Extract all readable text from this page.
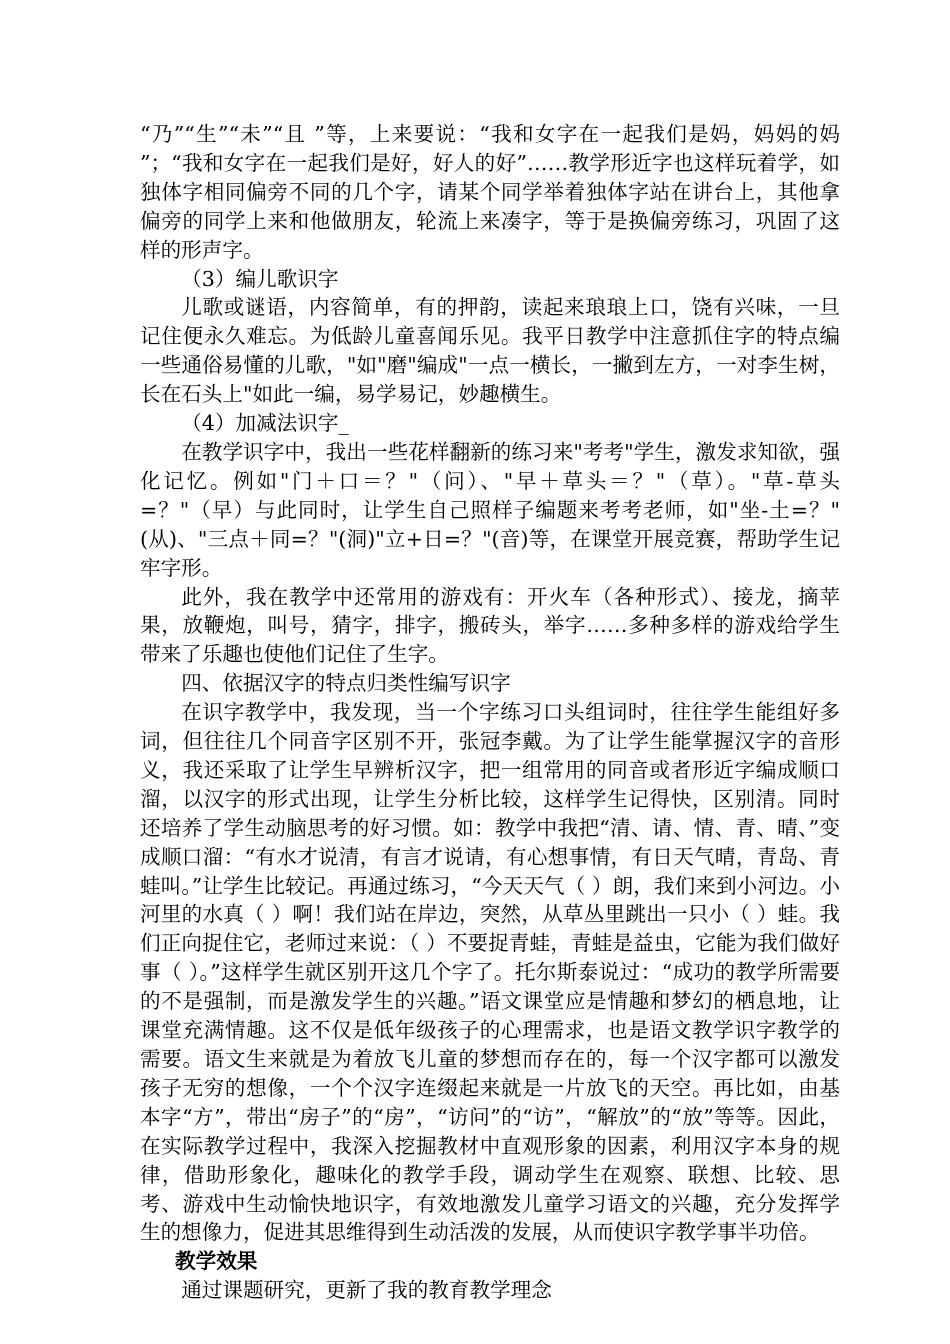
“乃”“生”“未”“且 ”等，上来要说：“我和女字在一起我们是妈，妈妈的妈 ”；“我和女字在一起我们是好，好人的好”……教学形近字也这样玩着学，如独体字相同偏旁不同的几个字，请某个同学举着独体字站在讲台上，其他拿偏旁的同学上来和他做朋友，轮流上来凑字，等于是换偏旁练习，巩固了这样的形声字。

（3）编儿歌识字

儿歌或谜语，内容简单，有的押韵，读起来琅琅上口，饶有兴味，一旦记住便永久难忘。为低龄儿童喜闻乐见。我平日教学中注意抓住字的特点编一些通俗易懂的儿歌，"如"磨"编成"一点一横长，一撇到左方，一对李生树，长在石头上"如此一编，易学易记，妙趣横生。

（4）加减法识字_

在教学识字中，我出一些花样翻新的练习来"考考"学生，激发求知欲，强化记忆。例如"门＋口＝？"（问）、"早＋草头＝？"（草）。"草-草头=？"（早）与此同时，让学生自己照样子编题来考考老师，如"坐-土=？"(从)、"三点＋同=？"(洞)"立+日=？"(音)等，在课堂开展竞赛，帮助学生记牢字形。

此外，我在教学中还常用的游戏有：开火车（各种形式）、接龙，摘苹果，放鞭炮，叫号，猜字，排字，搬砖头，举字……多种多样的游戏给学生带来了乐趣也使他们记住了生字。

四、依据汉字的特点归类性编写识字

在识字教学中，我发现，当一个字练习口头组词时，往往学生能组好多词，但往往几个同音字区别不开，张冠李戴。为了让学生能掌握汉字的音形义，我还采取了让学生早辨析汉字，把一组常用的同音或者形近字编成顺口溜，以汉字的形式出现，让学生分析比较，这样学生记得快，区别清。同时还培养了学生动脑思考的好习惯。如：教学中我把“清、请、情、青、晴、”变成顺口溜：“有水才说清，有言才说请，有心想事情，有日天气晴，青岛、青蛙叫。”让学生比较记。再通过练习，“今天天气（ ）朗，我们来到小河边。小河里的水真（ ）啊！我们站在岸边，突然，从草丛里跳出一只小（ ）蛙。我们正向捉住它，老师过来说：（ ）不要捉青蛙，青蛙是益虫，它能为我们做好事（ ）。”这样学生就区别开这几个字了。托尔斯泰说过：“成功的教学所需要的不是强制，而是激发学生的兴趣。”语文课堂应是情趣和梦幻的栖息地，让课堂充满情趣。这不仅是低年级孩子的心理需求，也是语文教学识字教学的需要。语文生来就是为着放飞儿童的梦想而存在的，每一个汉字都可以激发孩子无穷的想像，一个个汉字连缀起来就是一片放飞的天空。再比如，由基本字“方”，带出“房子”的“房”，“访问”的“访”，“解放”的“放”等等。因此，在实际教学过程中，我深入挖掘教材中直观形象的因素，利用汉字本身的规律，借助形象化，趣味化的教学手段，调动学生在观察、联想、比较、思考、游戏中生动愉快地识字，有效地激发儿童学习语文的兴趣，充分发挥学生的想像力，促进其思维得到生动活泼的发展，从而使识字教学事半功倍。

教学效果

通过课题研究，更新了我的教育教学理念
